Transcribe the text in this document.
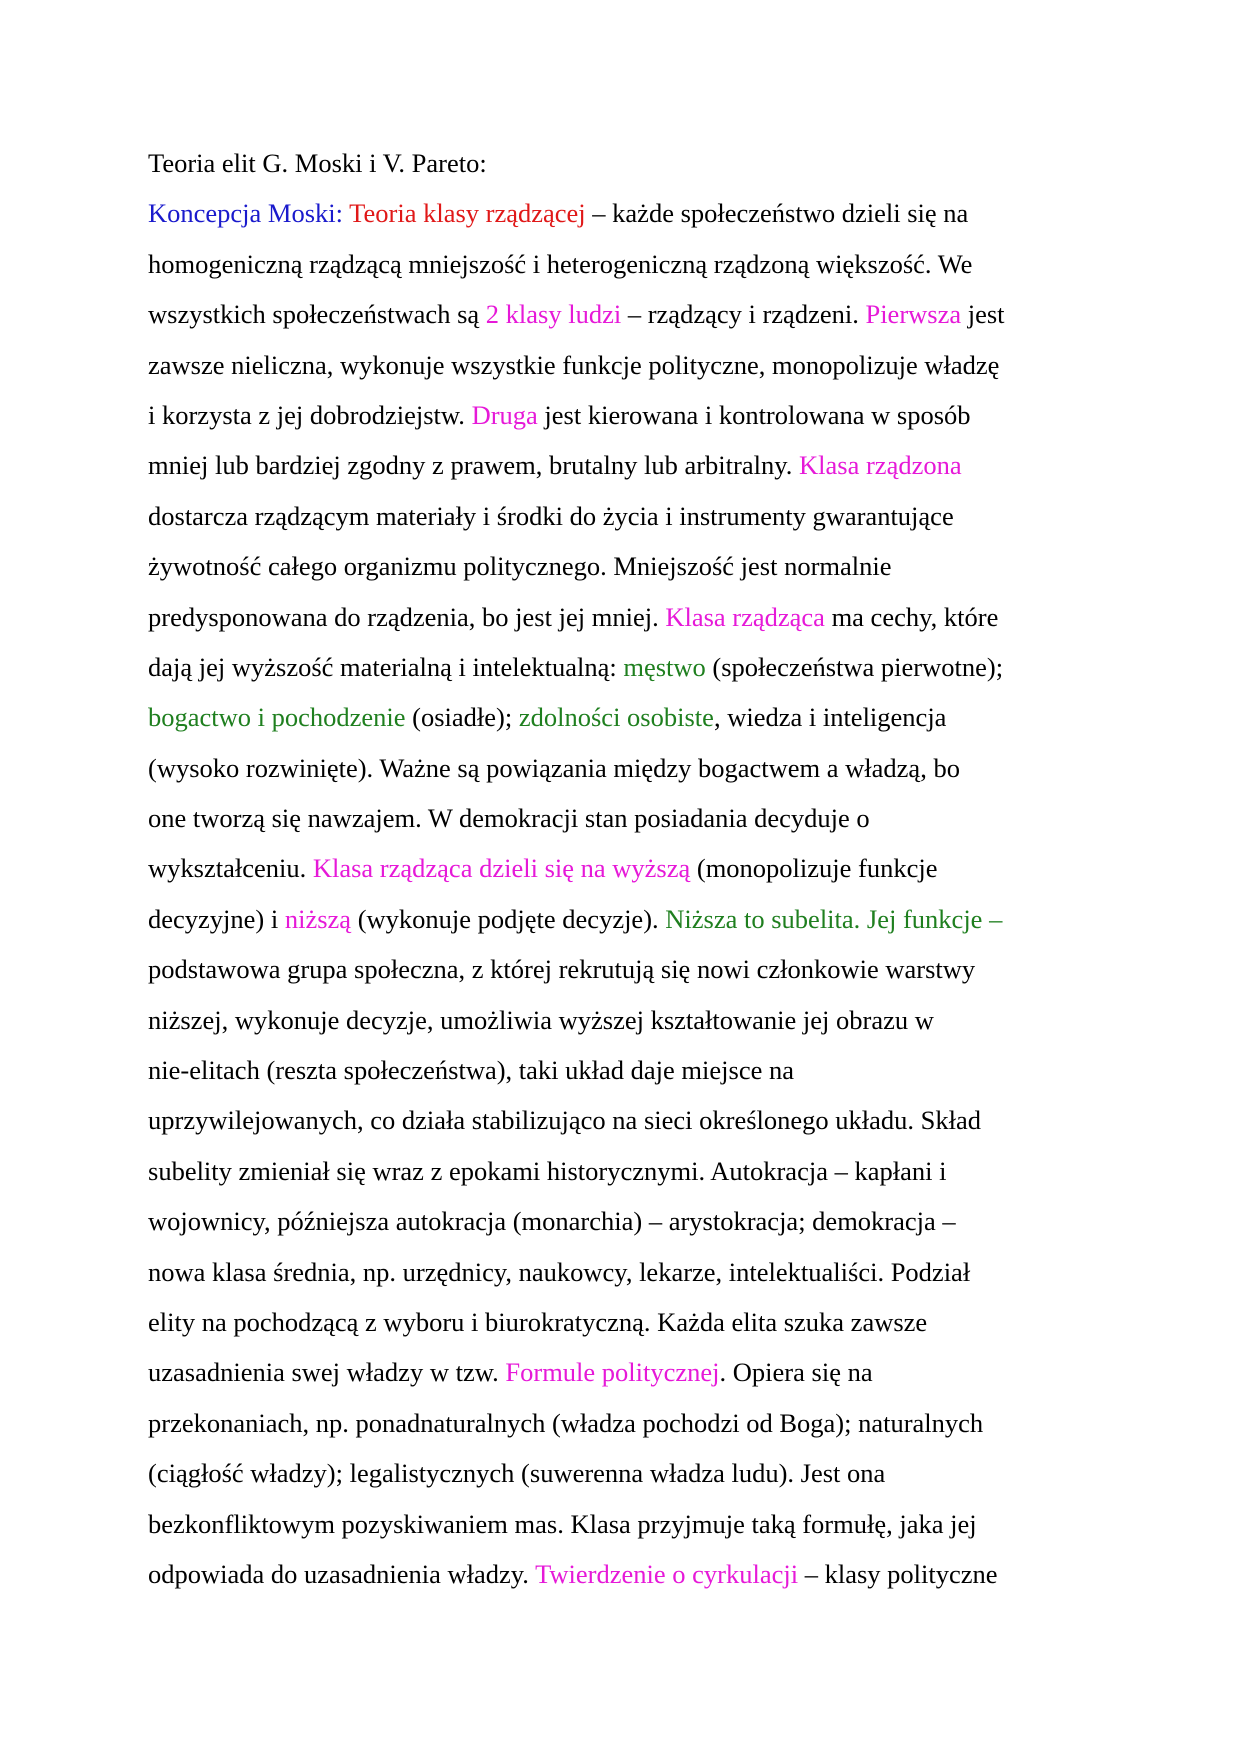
Teoria elit G. Moski i V. Pareto:
Koncepcja Moski: Teoria klasy rządzącej – każde społeczeństwo dzieli się na
homogeniczną rządzącą mniejszość i heterogeniczną rządzoną większość. We
wszystkich społeczeństwach są 2 klasy ludzi – rządzący i rządzeni. Pierwsza jest
zawsze nieliczna, wykonuje wszystkie funkcje polityczne, monopolizuje władzę
i korzysta z jej dobrodziejstw. Druga jest kierowana i kontrolowana w sposób
mniej lub bardziej zgodny z prawem, brutalny lub arbitralny. Klasa rządzona
dostarcza rządzącym materiały i środki do życia i instrumenty gwarantujące
żywotność całego organizmu politycznego. Mniejszość jest normalnie
predysponowana do rządzenia, bo jest jej mniej. Klasa rządząca ma cechy, które
dają jej wyższość materialną i intelektualną: męstwo (społeczeństwa pierwotne);
bogactwo i pochodzenie (osiadłe); zdolności osobiste, wiedza i inteligencja
(wysoko rozwinięte). Ważne są powiązania między bogactwem a władzą, bo
one tworzą się nawzajem. W demokracji stan posiadania decyduje o
wykształceniu. Klasa rządząca dzieli się na wyższą (monopolizuje funkcje
decyzyjne) i niższą (wykonuje podjęte decyzje). Niższa to subelita. Jej funkcje –
podstawowa grupa społeczna, z której rekrutują się nowi członkowie warstwy
niższej, wykonuje decyzje, umożliwia wyższej kształtowanie jej obrazu w
nie-elitach (reszta społeczeństwa), taki układ daje miejsce na
uprzywilejowanych, co działa stabilizująco na sieci określonego układu. Skład
subelity zmieniał się wraz z epokami historycznymi. Autokracja – kapłani i
wojownicy, późniejsza autokracja (monarchia) – arystokracja; demokracja –
nowa klasa średnia, np. urzędnicy, naukowcy, lekarze, intelektualiści. Podział
elity na pochodzącą z wyboru i biurokratyczną. Każda elita szuka zawsze
uzasadnienia swej władzy w tzw. Formule politycznej. Opiera się na
przekonaniach, np. ponadnaturalnych (władza pochodzi od Boga); naturalnych
(ciągłość władzy); legalistycznych (suwerenna władza ludu). Jest ona
bezkonfliktowym pozyskiwaniem mas. Klasa przyjmuje taką formułę, jaka jej
odpowiada do uzasadnienia władzy. Twierdzenie o cyrkulacji – klasy polityczne
